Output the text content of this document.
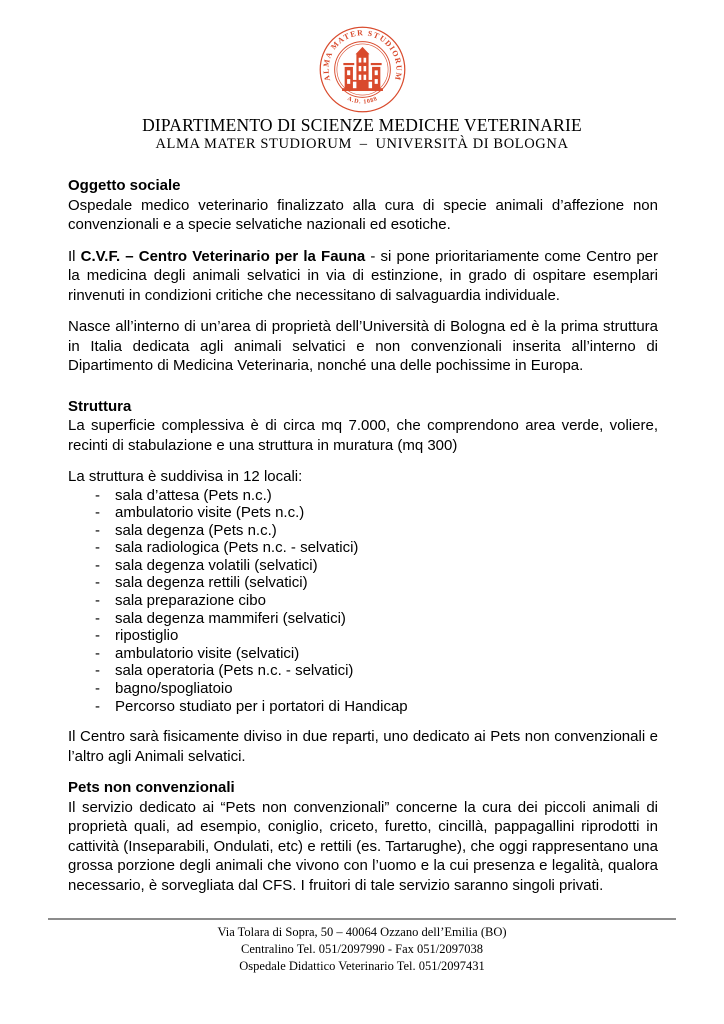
ALMA MATER STUDIORUM
A.D. 1088
DIPARTIMENTO DI SCIENZE MEDICHE VETERINARIE

ALMA MATER STUDIORUM – UNIVERSITÀ DI BOLOGNA

Oggetto sociale

Ospedale medico veterinario finalizzato alla cura di specie animali d’affezione non convenzionali e a specie selvatiche nazionali ed esotiche.

Il C.V.F. – Centro Veterinario per la Fauna - si pone prioritariamente come Centro per la medicina degli animali selvatici in via di estinzione, in grado di ospitare esemplari rinvenuti in condizioni critiche che necessitano di salvaguardia individuale.

Nasce all’interno di un’area di proprietà dell’Università di Bologna ed è la prima struttura in Italia dedicata agli animali selvatici e non convenzionali inserita all’interno di Dipartimento di Medicina Veterinaria, nonché una delle pochissime in Europa.

Struttura

La superficie complessiva è di circa mq 7.000, che comprendono area verde, voliere, recinti di stabulazione e una struttura in muratura (mq 300)

La struttura è suddivisa in 12 locali:

-	sala d’attesa (Pets n.c.)
-	ambulatorio visite (Pets n.c.)
-	sala degenza (Pets n.c.)
-	sala radiologica (Pets n.c. - selvatici)
-	sala degenza volatili (selvatici)
-	sala degenza rettili (selvatici)
-	sala preparazione cibo
-	sala degenza mammiferi (selvatici)
-	ripostiglio
-	ambulatorio visite (selvatici)
-	sala operatoria (Pets n.c. - selvatici)
-	bagno/spogliatoio
-	Percorso studiato per i portatori di Handicap

Il Centro sarà fisicamente diviso in due reparti, uno dedicato ai Pets non convenzionali e l’altro agli Animali selvatici.

Pets non convenzionali

Il servizio dedicato ai “Pets non convenzionali” concerne la cura dei piccoli animali di proprietà quali, ad esempio, coniglio, criceto, furetto, cincillà, pappagallini riprodotti in cattività (Inseparabili, Ondulati, etc) e rettili (es. Tartarughe), che oggi rappresentano una grossa porzione degli animali che vivono con l’uomo e la cui presenza e legalità, qualora necessario, è sorvegliata dal CFS. I fruitori di tale servizio saranno singoli privati.

Via Tolara di Sopra, 50 – 40064 Ozzano dell’Emilia (BO)

Centralino Tel. 051/2097990 - Fax 051/2097038

Ospedale Didattico Veterinario Tel. 051/2097431
